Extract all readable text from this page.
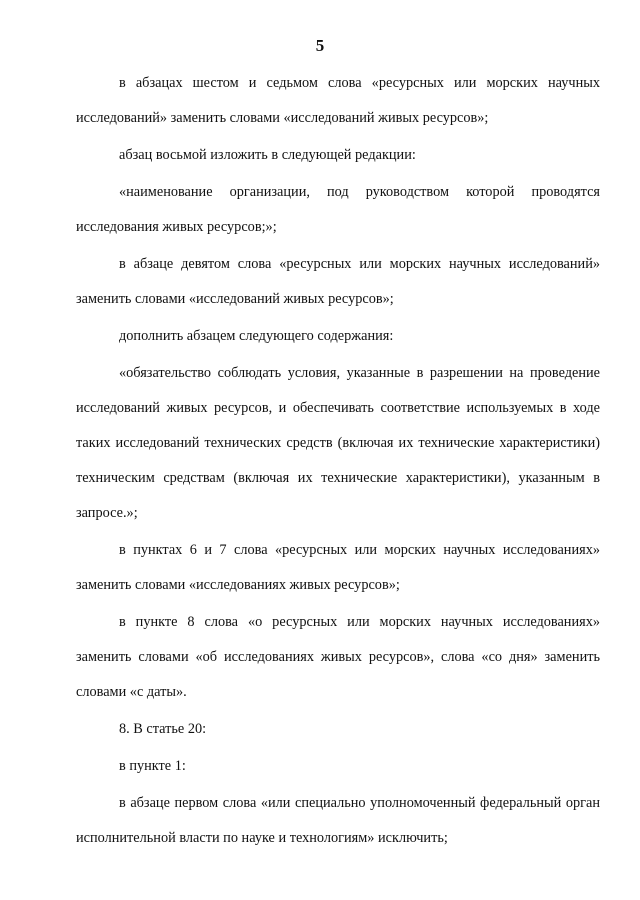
5

в абзацах шестом и седьмом слова «ресурсных или морских научных исследований» заменить словами «исследований живых ресурсов»;

абзац восьмой изложить в следующей редакции:

«наименование организации, под руководством которой проводятся исследования живых ресурсов;»;

в абзаце девятом слова «ресурсных или морских научных исследований» заменить словами «исследований живых ресурсов»;

дополнить абзацем следующего содержания:

«обязательство соблюдать условия, указанные в разрешении на проведение исследований живых ресурсов, и обеспечивать соответствие используемых в ходе таких исследований технических средств (включая их технические характеристики) техническим средствам (включая их технические характеристики), указанным в запросе.»;

в пунктах 6 и 7 слова «ресурсных или морских научных исследованиях» заменить словами «исследованиях живых ресурсов»;

в пункте 8 слова «о ресурсных или морских научных исследованиях» заменить словами «об исследованиях живых ресурсов», слова «со дня» заменить словами «с даты».

8. В статье 20:

в пункте 1:

в абзаце первом слова «или специально уполномоченный федеральный орган исполнительной власти по науке и технологиям» исключить;
